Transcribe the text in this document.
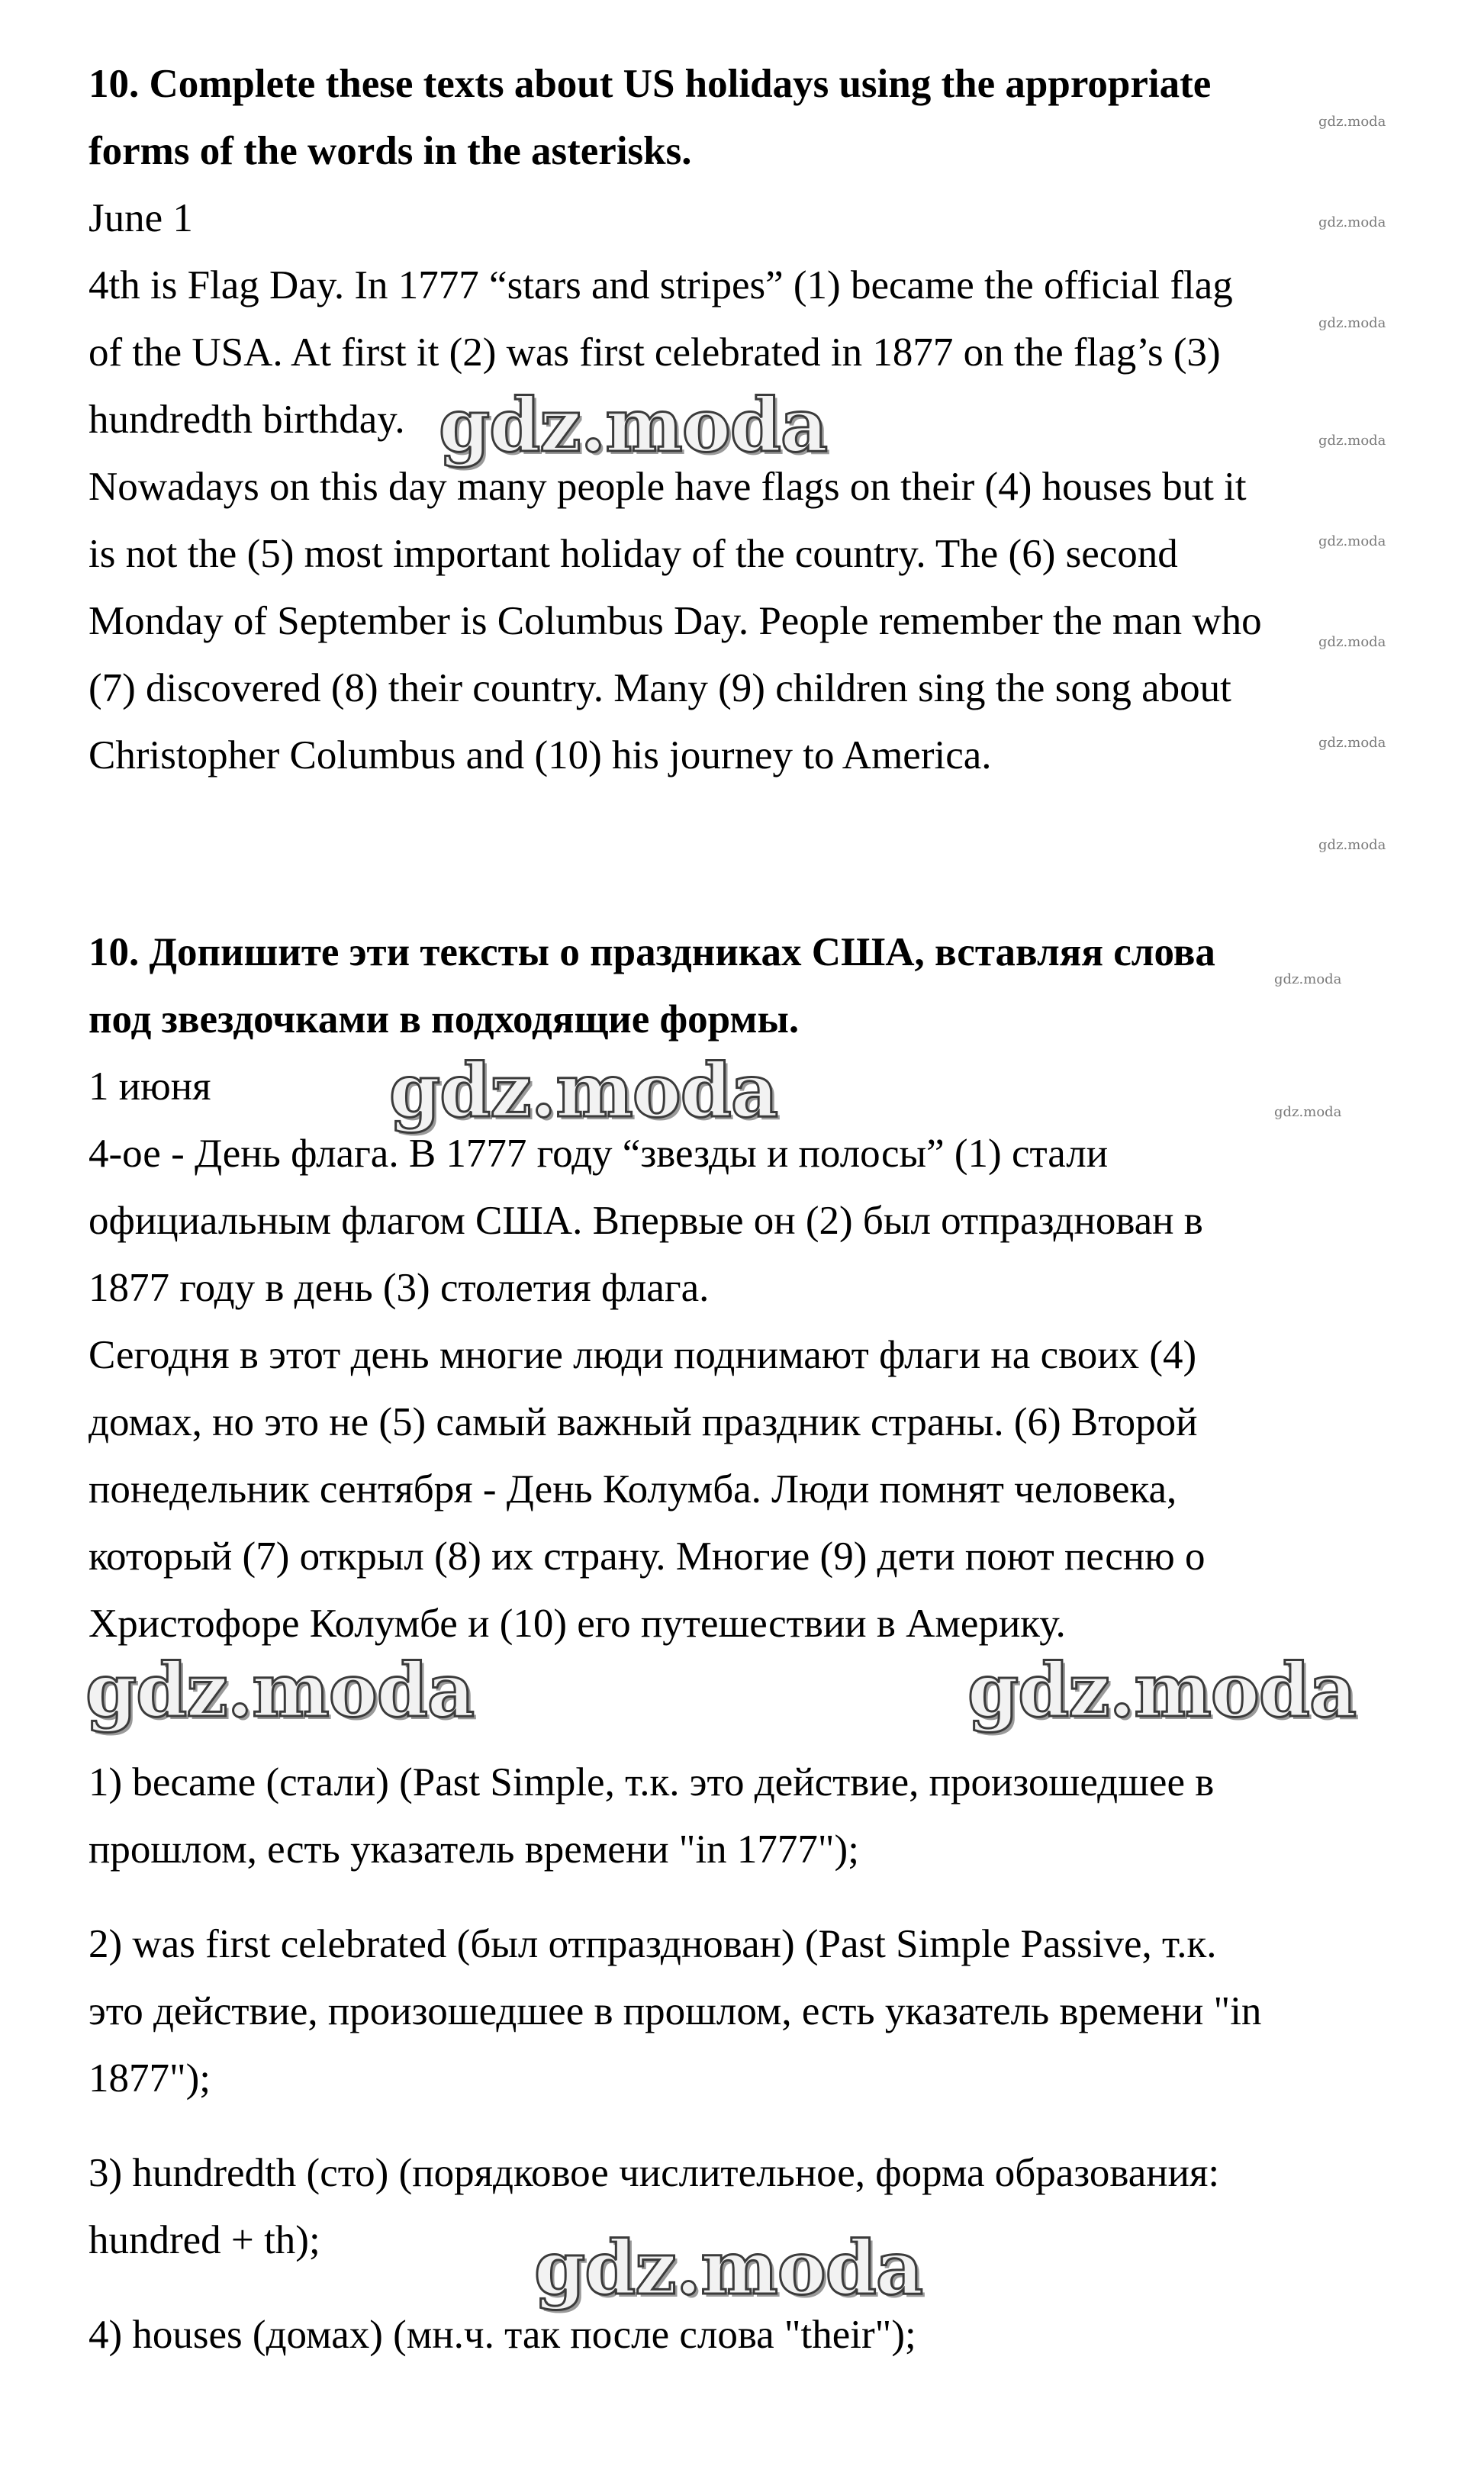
10. Complete these texts about US holidays using the appropriate

forms of the words in the asterisks.

June 1

4th is Flag Day. In 1777 “stars and stripes” (1) became the official flag

of the USA. At first it (2) was first celebrated in 1877 on the flag’s (3)

hundredth birthday.

Nowadays on this day many people have flags on their (4) houses but it

is not the (5) most important holiday of the country. The (6) second

Monday of September is Columbus Day. People remember the man who

(7) discovered (8) their country. Many (9) children sing the song about

Christopher Columbus and (10) his journey to America.

10. Допишите эти тексты о праздниках США, вставляя слова

под звездочками в подходящие формы.

1 июня

4-ое - День флага. В 1777 году “звезды и полосы” (1) стали

официальным флагом США. Впервые он (2) был отпразднован в

1877 году в день (3) столетия флага.

Сегодня в этот день многие люди поднимают флаги на своих (4)

домах, но это не (5) самый важный праздник страны. (6) Второй

понедельник сентября - День Колумба. Люди помнят человека,

который (7) открыл (8) их страну. Многие (9) дети поют песню о

Христофоре Колумбе и (10) его путешествии в Америку.

1) became (стали) (Past Simple, т.к. это действие, произошедшее в
прошлом, есть указатель времени "in 1777");
2) was first celebrated (был отпразднован) (Past Simple Passive, т.к.
это действие, произошедшее в прошлом, есть указатель времени "in
1877");
3) hundredth (сто) (порядковое числительное, форма образования:
hundred + th);
4) houses (домах) (мн.ч. так после слова "their");
gdz.moda
gdz.moda
gdz.moda	gdz.moda
gdz.moda
gdz.moda
gdz.moda
gdz.moda
gdz.moda
gdz.moda
gdz.moda
gdz.moda
gdz.moda
gdz.moda
gdz.moda
